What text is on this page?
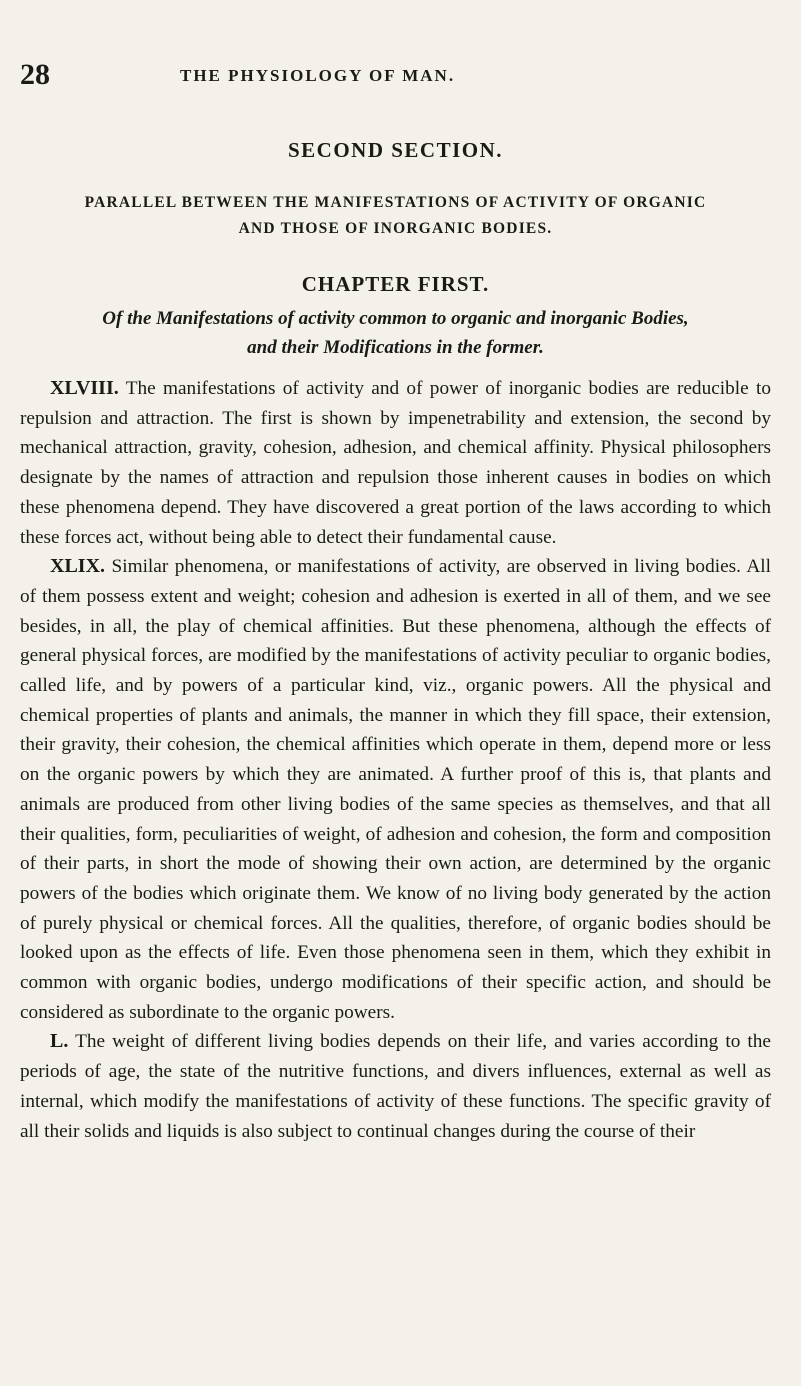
28	THE PHYSIOLOGY OF MAN.
SECOND SECTION.
PARALLEL BETWEEN THE MANIFESTATIONS OF ACTIVITY OF ORGANIC
AND THOSE OF INORGANIC BODIES.
CHAPTER FIRST.
Of the Manifestations of activity common to organic and inorganic Bodies,
and their Modifications in the former.

XLVIII. The manifestations of activity and of power of inorganic bodies are reducible to repulsion and attraction. The first is shown by impenetrability and extension, the second by mechanical attraction, gravity, cohesion, adhesion, and chemical affinity. Physical philosophers designate by the names of attraction and repulsion those inherent causes in bodies on which these phenomena depend. They have discovered a great portion of the laws according to which these forces act, without being able to detect their fundamental cause.

XLIX. Similar phenomena, or manifestations of activity, are observed in living bodies. All of them possess extent and weight; cohesion and adhesion is exerted in all of them, and we see besides, in all, the play of chemical affinities. But these phenomena, although the effects of general physical forces, are modified by the manifestations of activity peculiar to organic bodies, called life, and by powers of a particular kind, viz., organic powers. All the physical and chemical properties of plants and animals, the manner in which they fill space, their extension, their gravity, their cohesion, the chemical affinities which operate in them, depend more or less on the organic powers by which they are animated. A further proof of this is, that plants and animals are produced from other living bodies of the same species as themselves, and that all their qualities, form, peculiarities of weight, of adhesion and cohesion, the form and composition of their parts, in short the mode of showing their own action, are determined by the organic powers of the bodies which originate them. We know of no living body generated by the action of purely physical or chemical forces. All the qualities, therefore, of organic bodies should be looked upon as the effects of life. Even those phenomena seen in them, which they exhibit in common with organic bodies, undergo modifications of their specific action, and should be considered as subordinate to the organic powers.

L. The weight of different living bodies depends on their life, and varies according to the periods of age, the state of the nutritive functions, and divers influences, external as well as internal, which modify the manifestations of activity of these functions. The specific gravity of all their solids and liquids is also subject to continual changes during the course of their
